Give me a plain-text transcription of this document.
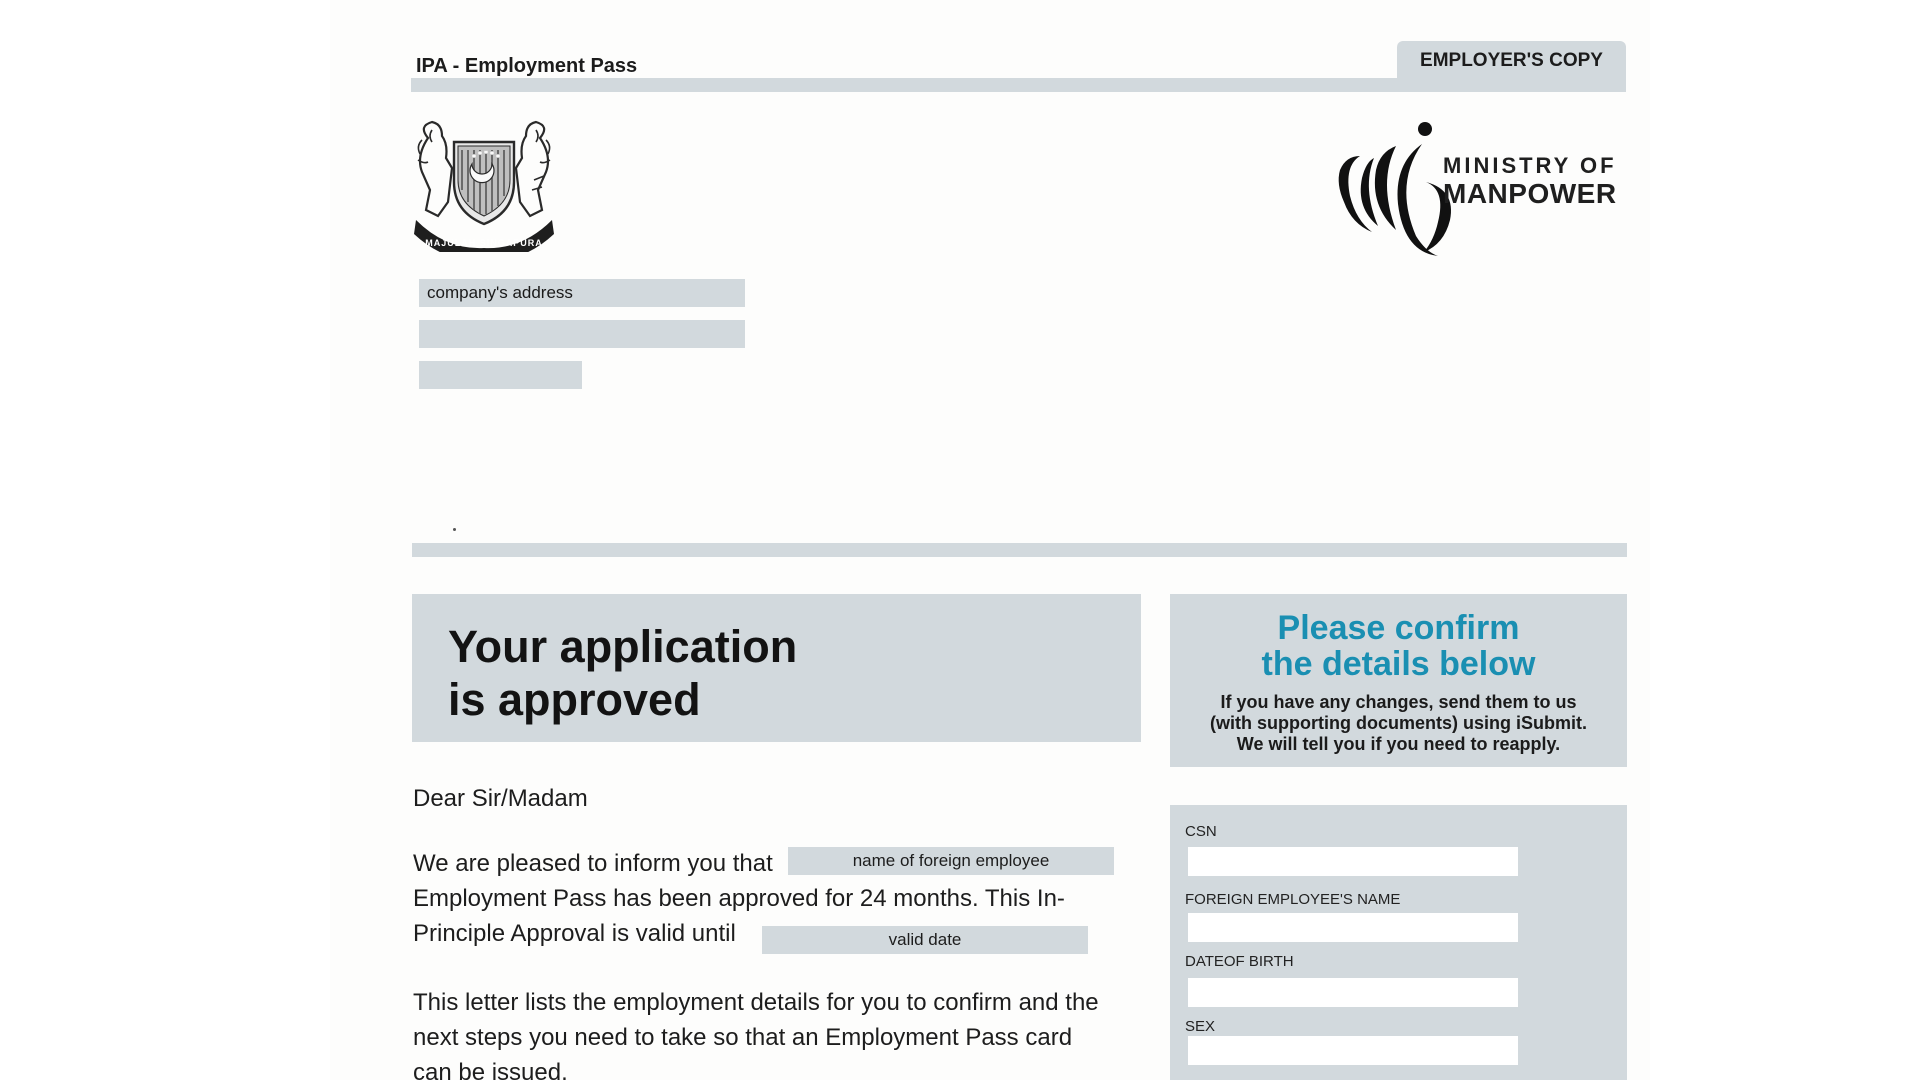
IPA - Employment Pass	EMPLOYER'S COPY
MAJULAH SINGAPURA
MINISTRY OF
MANPOWER
company's address
Your application
is approved
Please confirm
the details below
If you have any changes, send them to us
(with supporting documents) using iSubmit.
We will tell you if you need to reapply.
CSN
FOREIGN EMPLOYEE'S NAME
DATEOF BIRTH
SEX
Dear Sir/Madam
We are pleased to inform you that
Employment Pass has been approved for 24 months. This In-
Principle Approval is valid until
name of foreign employee
valid date
This letter lists the employment details for you to confirm and the
next steps you need to take so that an Employment Pass card
can be issued.
